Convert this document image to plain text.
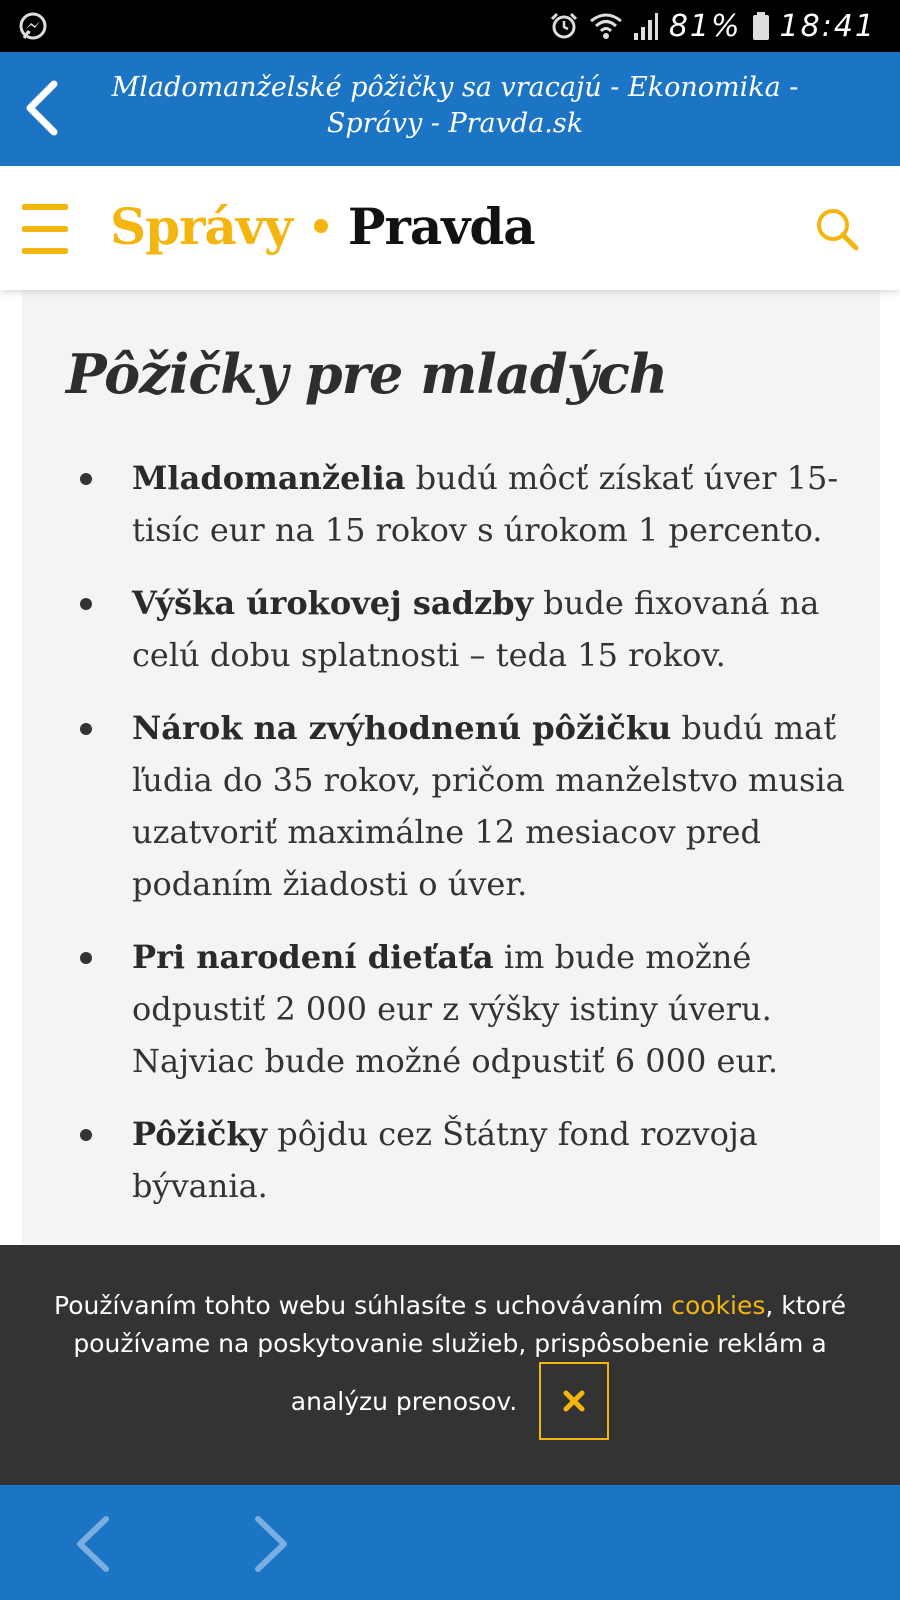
81% 18:41
Mladomanželské pôžičky sa vracajú - Ekonomika - Správy - Pravda.sk
Správy Pravda
Pôžičky pre mladých
Mladomanželia budú môcť získať úver 15-tisíc eur na 15 rokov s úrokom 1 percento.
Výška úrokovej sadzby bude fixovaná na celú dobu splatnosti – teda 15 rokov.
Nárok na zvýhodnenú pôžičku budú mať ľudia do 35 rokov, pričom manželstvo musia uzatvoriť maximálne 12 mesiacov pred podaním žiadosti o úver.
Pri narodení dieťaťa im bude možné odpustiť 2 000 eur z výšky istiny úveru. Najviac bude možné odpustiť 6 000 eur.
Pôžičky pôjdu cez Štátny fond rozvoja bývania.
Používaním tohto webu súhlasíte s uchovávaním cookies, ktoré používame na poskytovanie služieb, prispôsobenie reklám a
analýzu prenosov.
